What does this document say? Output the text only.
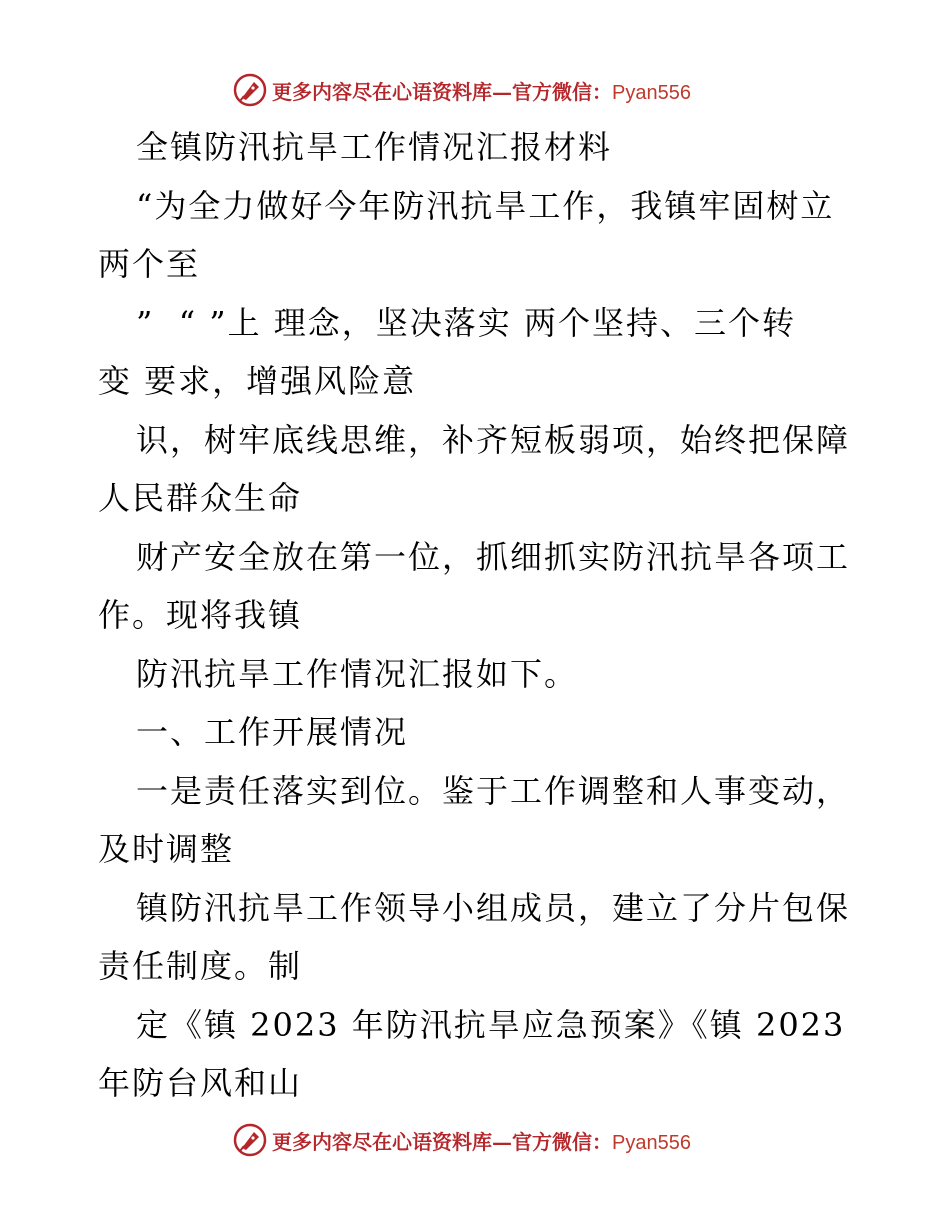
更多内容尽在心语资料库—官方微信：Pyan556
全镇防汛抗旱工作情况汇报材料
“为全力做好今年防汛抗旱工作，我镇牢固树立
两个至
”  “ ”上 理念，坚决落实 两个坚持、三个转
变 要求，增强风险意
识，树牢底线思维，补齐短板弱项，始终把保障
人民群众生命
财产安全放在第一位，抓细抓实防汛抗旱各项工
作。现将我镇
防汛抗旱工作情况汇报如下。
一、工作开展情况
一是责任落实到位。鉴于工作调整和人事变动，
及时调整
镇防汛抗旱工作领导小组成员，建立了分片包保
责任制度。制
定《镇 2023 年防汛抗旱应急预案》《镇 2023
年防台风和山
更多内容尽在心语资料库—官方微信：Pyan556
